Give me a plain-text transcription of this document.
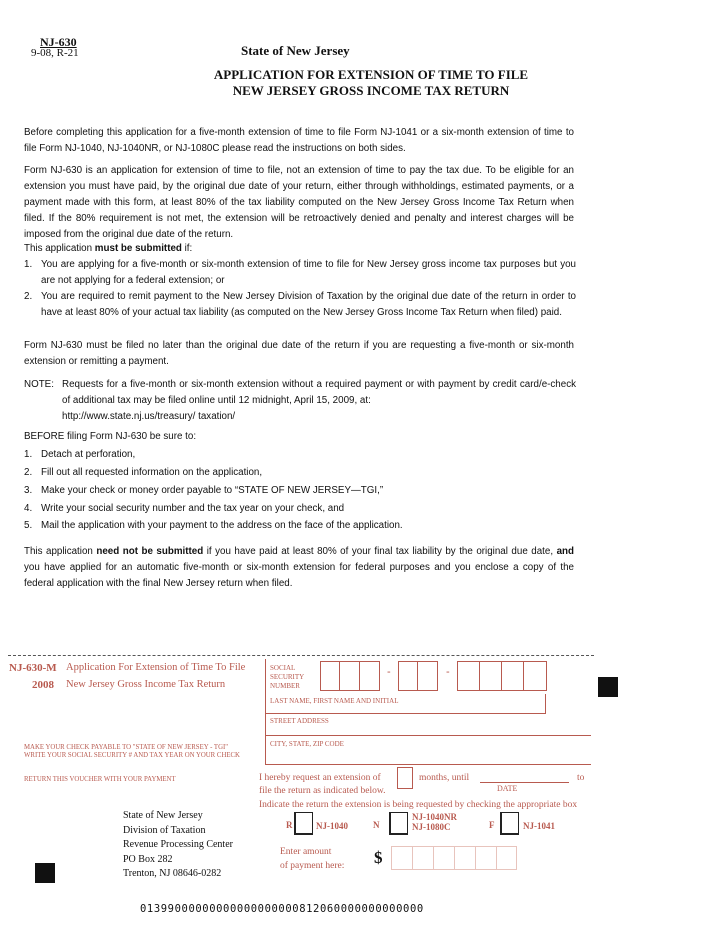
NJ-630
9-08, R-21	State of New Jersey
APPLICATION FOR EXTENSION OF TIME TO FILE
NEW JERSEY GROSS INCOME TAX RETURN
Before completing this application for a five-month extension of time to file Form NJ-1041 or a six-month extension of time to file Form NJ-1040, NJ-1040NR, or NJ-1080C please read the instructions on both sides.
Form NJ-630 is an application for extension of time to file, not an extension of time to pay the tax due. To be eligible for an extension you must have paid, by the original due date of your return, either through withholdings, estimated payments, or a payment made with this form, at least 80% of the tax liability computed on the New Jersey Gross Income Tax Return when filed. If the 80% requirement is not met, the extension will be retroactively denied and penalty and interest charges will be imposed from the original due date of the return.
This application must be submitted if:
1. You are applying for a five-month or six-month extension of time to file for New Jersey gross income tax purposes but you are not applying for a federal extension; or
2. You are required to remit payment to the New Jersey Division of Taxation by the original due date of the return in order to have at least 80% of your actual tax liability (as computed on the New Jersey Gross Income Tax Return when filed) paid.
Form NJ-630 must be filed no later than the original due date of the return if you are requesting a five-month or six-month extension or remitting a payment.
NOTE: Requests for a five-month or six-month extension without a required payment or with payment by credit card/e-check of additional tax may be filed online until 12 midnight, April 15, 2009, at:
http://www.state.nj.us/treasury/ taxation/
BEFORE filing Form NJ-630 be sure to:
1. Detach at perforation,
2. Fill out all requested information on the application,
3. Make your check or money order payable to “STATE OF NEW JERSEY—TGI,”
4. Write your social security number and the tax year on your check, and
5. Mail the application with your payment to the address on the face of the application.
This application need not be submitted if you have paid at least 80% of your final tax liability by the original due date, and you have applied for an automatic five-month or six-month extension for federal purposes and you enclose a copy of the federal application with the final New Jersey return when filed.
NJ-630-M Application For Extension of Time To File
2008 New Jersey Gross Income Tax Return
SOCIAL
SECURITY
NUMBER
-	-
LAST NAME, FIRST NAME AND INITIAL
STREET ADDRESS
CITY, STATE, ZIP CODE
MAKE YOUR CHECK PAYABLE TO "STATE OF NEW JERSEY - TGI"
WRITE YOUR SOCIAL SECURITY # AND TAX YEAR ON YOUR CHECK
RETURN THIS VOUCHER WITH YOUR PAYMENT	I hereby request an extension of	months, until	to
file the return as indicated below.	DATE
Indicate the return the extension is being requested by checking the appropriate box
R	NJ-1040	N
NJ-1040NR
NJ-1080C	F	NJ-1041
State of New Jersey
Division of Taxation
Revenue Processing Center
PO Box 282
Trenton, NJ 08646-0282
Enter amount
of payment here: $
01399000000000000000000812060000000000000
